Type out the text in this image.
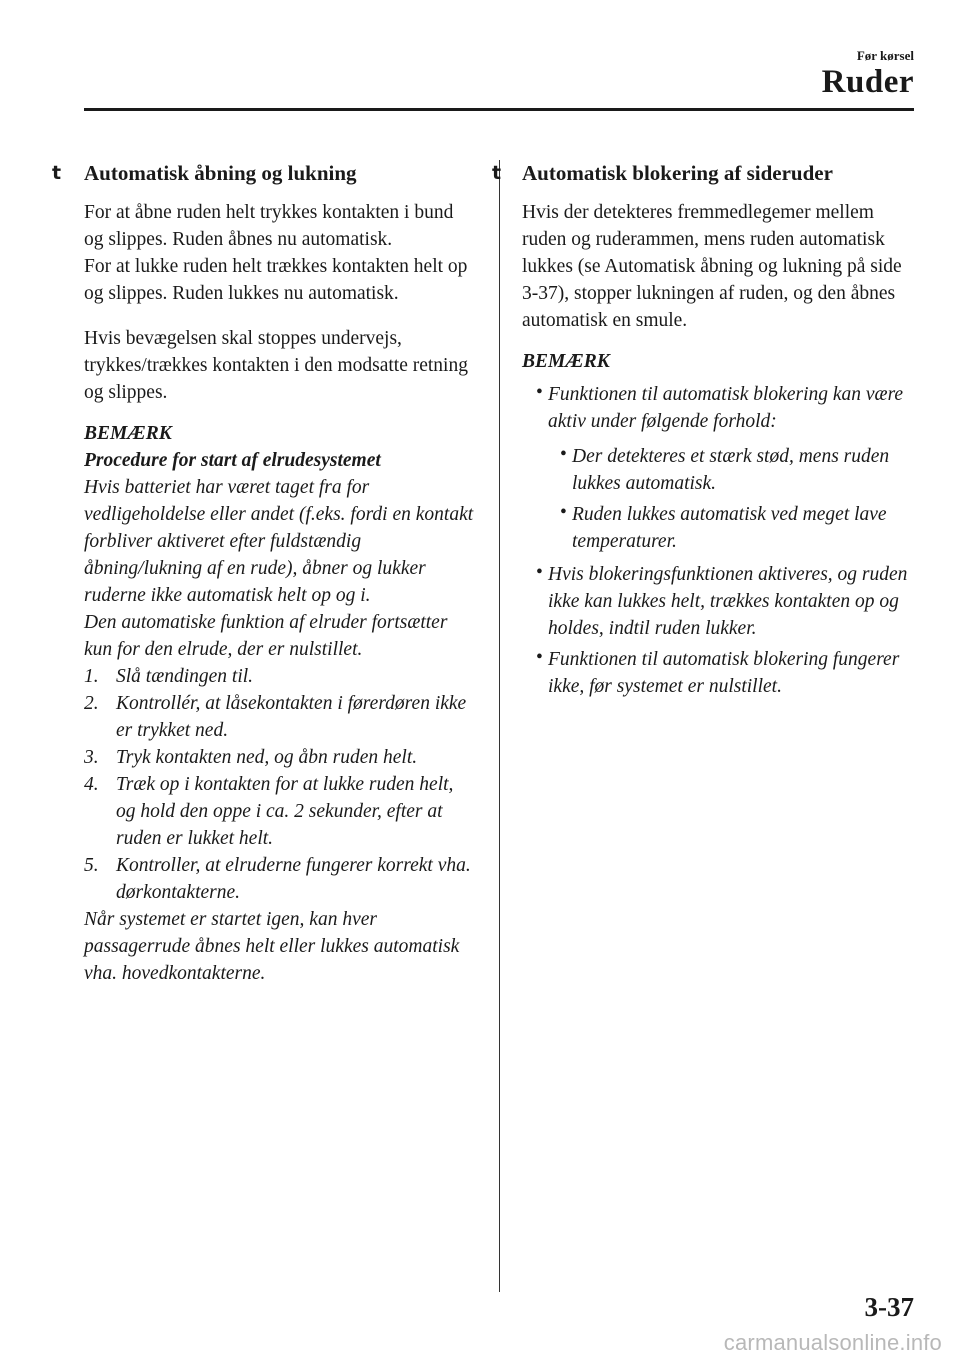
Før kørsel
Ruder
t Automatisk åbning og lukning

For at åbne ruden helt trykkes kontakten i bund og slippes. Ruden åbnes nu automatisk.

For at lukke ruden helt trækkes kontakten helt op og slippes. Ruden lukkes nu automatisk.

Hvis bevægelsen skal stoppes undervejs, trykkes/trækkes kontakten i den modsatte retning og slippes.

BEMÆRK

Procedure for start af elrudesystemet

Hvis batteriet har været taget fra for vedligeholdelse eller andet (f.eks. fordi en kontakt forbliver aktiveret efter fuldstændig åbning/lukning af en rude), åbner og lukker ruderne ikke automatisk helt op og i.

Den automatiske funktion af elruder fortsætter kun for den elrude, der er nulstillet.

1. Slå tændingen til.
2. Kontrollér, at låsekontakten i førerdøren ikke er trykket ned.
3. Tryk kontakten ned, og åbn ruden helt.
4. Træk op i kontakten for at lukke ruden helt, og hold den oppe i ca. 2 sekunder, efter at ruden er lukket helt.
5. Kontroller, at elruderne fungerer korrekt vha. dørkontakterne.

Når systemet er startet igen, kan hver passagerrude åbnes helt eller lukkes automatisk vha. hovedkontakterne.

t Automatisk blokering af sideruder

Hvis der detekteres fremmedlegemer mellem ruden og ruderammen, mens ruden automatisk lukkes (se Automatisk åbning og lukning på side 3-37), stopper lukningen af ruden, og den åbnes automatisk en smule.

BEMÆRK

• Funktionen til automatisk blokering kan være aktiv under følgende forhold:
• Der detekteres et stærk stød, mens ruden lukkes automatisk.
• Ruden lukkes automatisk ved meget lave temperaturer.
• Hvis blokeringsfunktionen aktiveres, og ruden ikke kan lukkes helt, trækkes kontakten op og holdes, indtil ruden lukker.
• Funktionen til automatisk blokering fungerer ikke, før systemet er nulstillet.
3-37
carmanualsonline.info
